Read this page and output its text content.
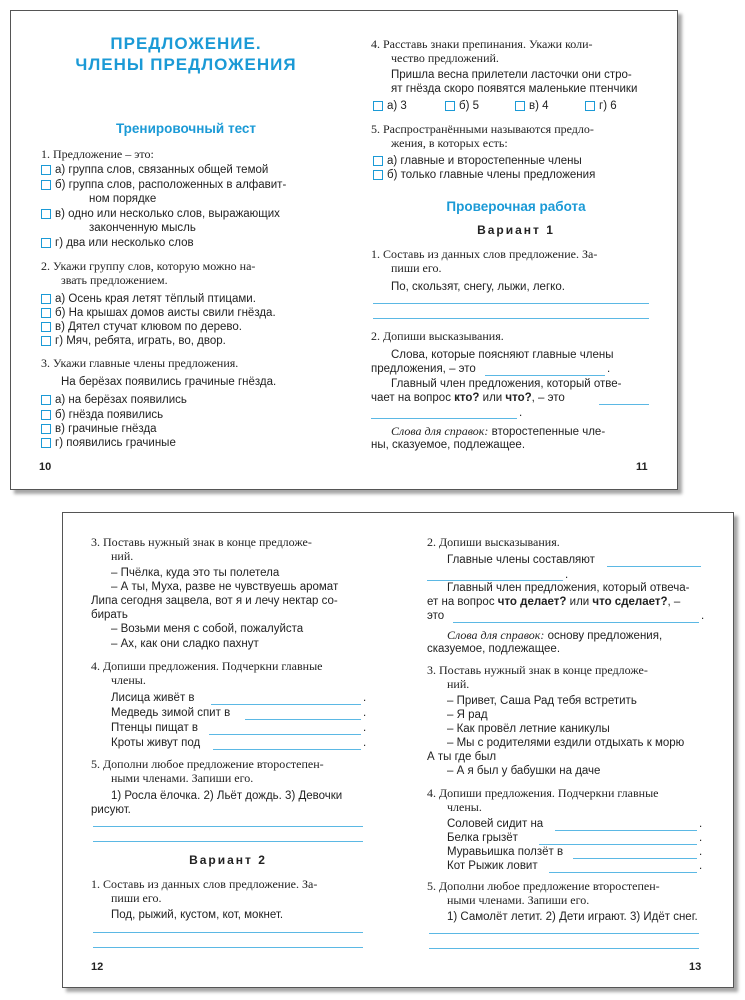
ПРЕДЛОЖЕНИЕ.
ЧЛЕНЫ ПРЕДЛОЖЕНИЯ
Тренировочный тест
1. Предложение – это:
а) группа слов, связанных общей темой
б) группа слов, расположенных в алфавит-
ном порядке
в) одно или несколько слов, выражающих
законченную мысль
г) два или несколько слов
2. Укажи группу слов, которую можно на-
звать предложением.
а) Осень края летят тёплый птицами.
б) На крышах домов аисты свили гнёзда.
в) Дятел стучат клювом по дерево.
г) Мяч, ребята, играть, во, двор.
3. Укажи главные члены предложения.
На берёзах появились грачиные гнёзда.
а) на берёзах появились
б) гнёзда появились
в) грачиные гнёзда
г) появились грачиные
10
4. Расставь знаки препинания. Укажи коли-
чество предложений.
Пришла весна прилетели ласточки они стро-
ят гнёзда скоро появятся маленькие птенчики
а) 3	б) 5	в) 4	г) 6
5. Распространёнными называются предло-
жения, в которых есть:
а) главные и второстепенные члены
б) только главные члены предложения
Проверочная работа
Вариант 1
1. Составь из данных слов предложение. За-
пиши его.
По, скользят, снегу, лыжи, легко.
2. Допиши высказывания.
Слова, которые поясняют главные члены
предложения, – это	.
Главный член предложения, который отве-
чает на вопрос кто? или что?, – это
.
Слова для справок: второстепенные чле-
ны, сказуемое, подлежащее.
11
3. Поставь нужный знак в конце предложе-
ний.
– Пчёлка, куда это ты полетела
– А ты, Муха, разве не чувствуешь аромат
Липа сегодня зацвела, вот я и лечу нектар со-
бирать
– Возьми меня с собой, пожалуйста
– Ах, как они сладко пахнут
4. Допиши предложения. Подчеркни главные
члены.
Лисица живёт в	.
Медведь зимой спит в	.
Птенцы пищат в	.
Кроты живут под	.
5. Дополни любое предложение второстепен-
ными членами. Запиши его.
1) Росла ёлочка. 2) Льёт дождь. 3) Девочки
рисуют.
Вариант 2
1. Составь из данных слов предложение. За-
пиши его.
Под, рыжий, кустом, кот, мокнет.
12
2. Допиши высказывания.
Главные члены составляют
.
Главный член предложения, который отвеча-
ет на вопрос что делает? или что сделает?, –
это	.
Слова для справок: основу предложения,
сказуемое, подлежащее.
3. Поставь нужный знак в конце предложе-
ний.
– Привет, Саша Рад тебя встретить
– Я рад
– Как провёл летние каникулы
– Мы с родителями ездили отдыхать к морю
А ты где был
– А я был у бабушки на даче
4. Допиши предложения. Подчеркни главные
члены.
Соловей сидит на	.
Белка грызёт	.
Муравьишка ползёт в	.
Кот Рыжик ловит	.
5. Дополни любое предложение второстепен-
ными членами. Запиши его.
1) Самолёт летит. 2) Дети играют. 3) Идёт снег.
13
